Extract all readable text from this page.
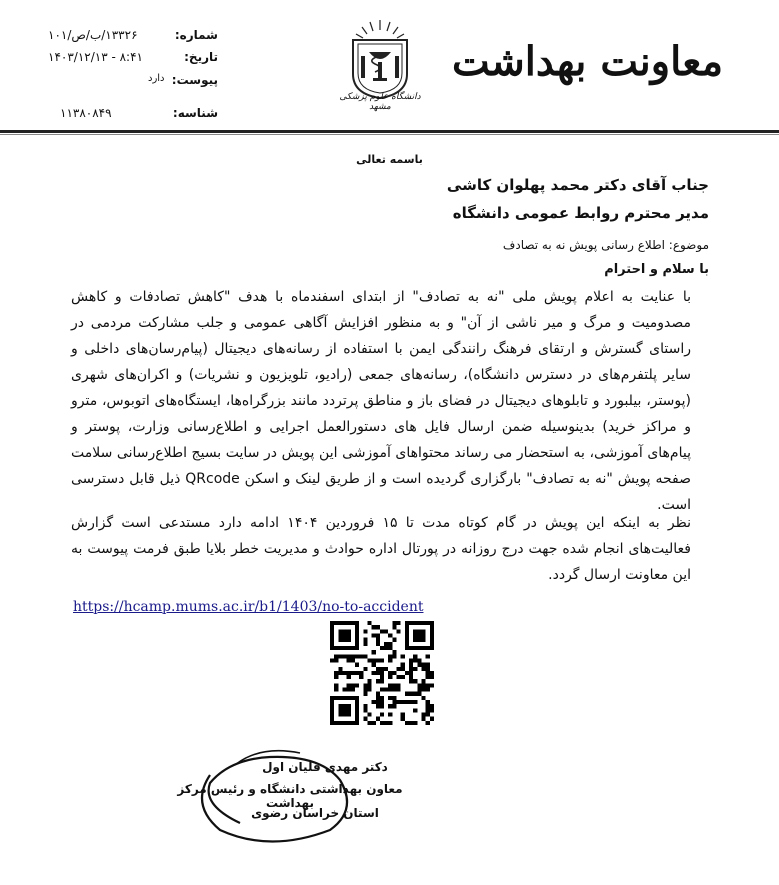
شماره:
۱۳۳۲۶/ب/ص/۱۰۱
تاریخ:
۱۴۰۳/۱۲/۱۳ - ۸:۴۱
پیوست:
دارد
شناسه:
۱۱۳۸۰۸۴۹
دانشگاه علوم پزشکی مشهد
معاونت بهداشت
باسمه تعالی
جناب آقای دکتر محمد پهلوان کاشی
مدیر محترم روابط عمومی دانشگاه
موضوع: اطلاع رسانی پویش نه به تصادف
با سلام و احترام
با عنایت به اعلام پویش ملی "نه به تصادف" از ابتدای اسفندماه با هدف "کاهش تصادفات و کاهش مصدومیت و مرگ و میر ناشی از آن" و به منظور افزایش آگاهی عمومی و جلب مشارکت مردمی در راستای گسترش و ارتقای فرهنگ رانندگی ایمن با استفاده از رسانه‌های دیجیتال (پیام‌رسان‌های داخلی و سایر پلتفرم‌های در دسترس دانشگاه)، رسانه‌های جمعی (رادیو، تلویزیون و نشریات) و اکران‌های شهری (پوستر، بیلبورد و تابلوهای دیجیتال در فضای باز و مناطق پرتردد مانند بزرگراه‌ها، ایستگاه‌های اتوبوس، مترو و مراکز خرید) بدینوسیله ضمن ارسال فایل های دستورالعمل اجرایی و اطلاع‌رسانی وزارت، پوستر و پیام‌های آموزشی، به استحضار می رساند محتواهای آموزشی این پویش در سایت بسیج اطلاع‌رسانی سلامت صفحه پویش "نه به تصادف" بارگزاری گردیده است و از طریق لینک و اسکن QRcode ذیل قابل دسترسی است.
نظر به اینکه این پویش در گام کوتاه مدت تا ۱۵ فروردین ۱۴۰۴ ادامه دارد مستدعی است گزارش فعالیت‌های انجام شده جهت درج روزانه در پورتال اداره حوادث و مدیریت خطر بلایا طبق فرمت پیوست به این معاونت ارسال گردد.
https://hcamp.mums.ac.ir/b1/1403/no-to-accident
دکتر مهدی قلیان اول
معاون بهداشتی دانشگاه و رئیس مرکز بهداشت
استان خراسان رضوی
